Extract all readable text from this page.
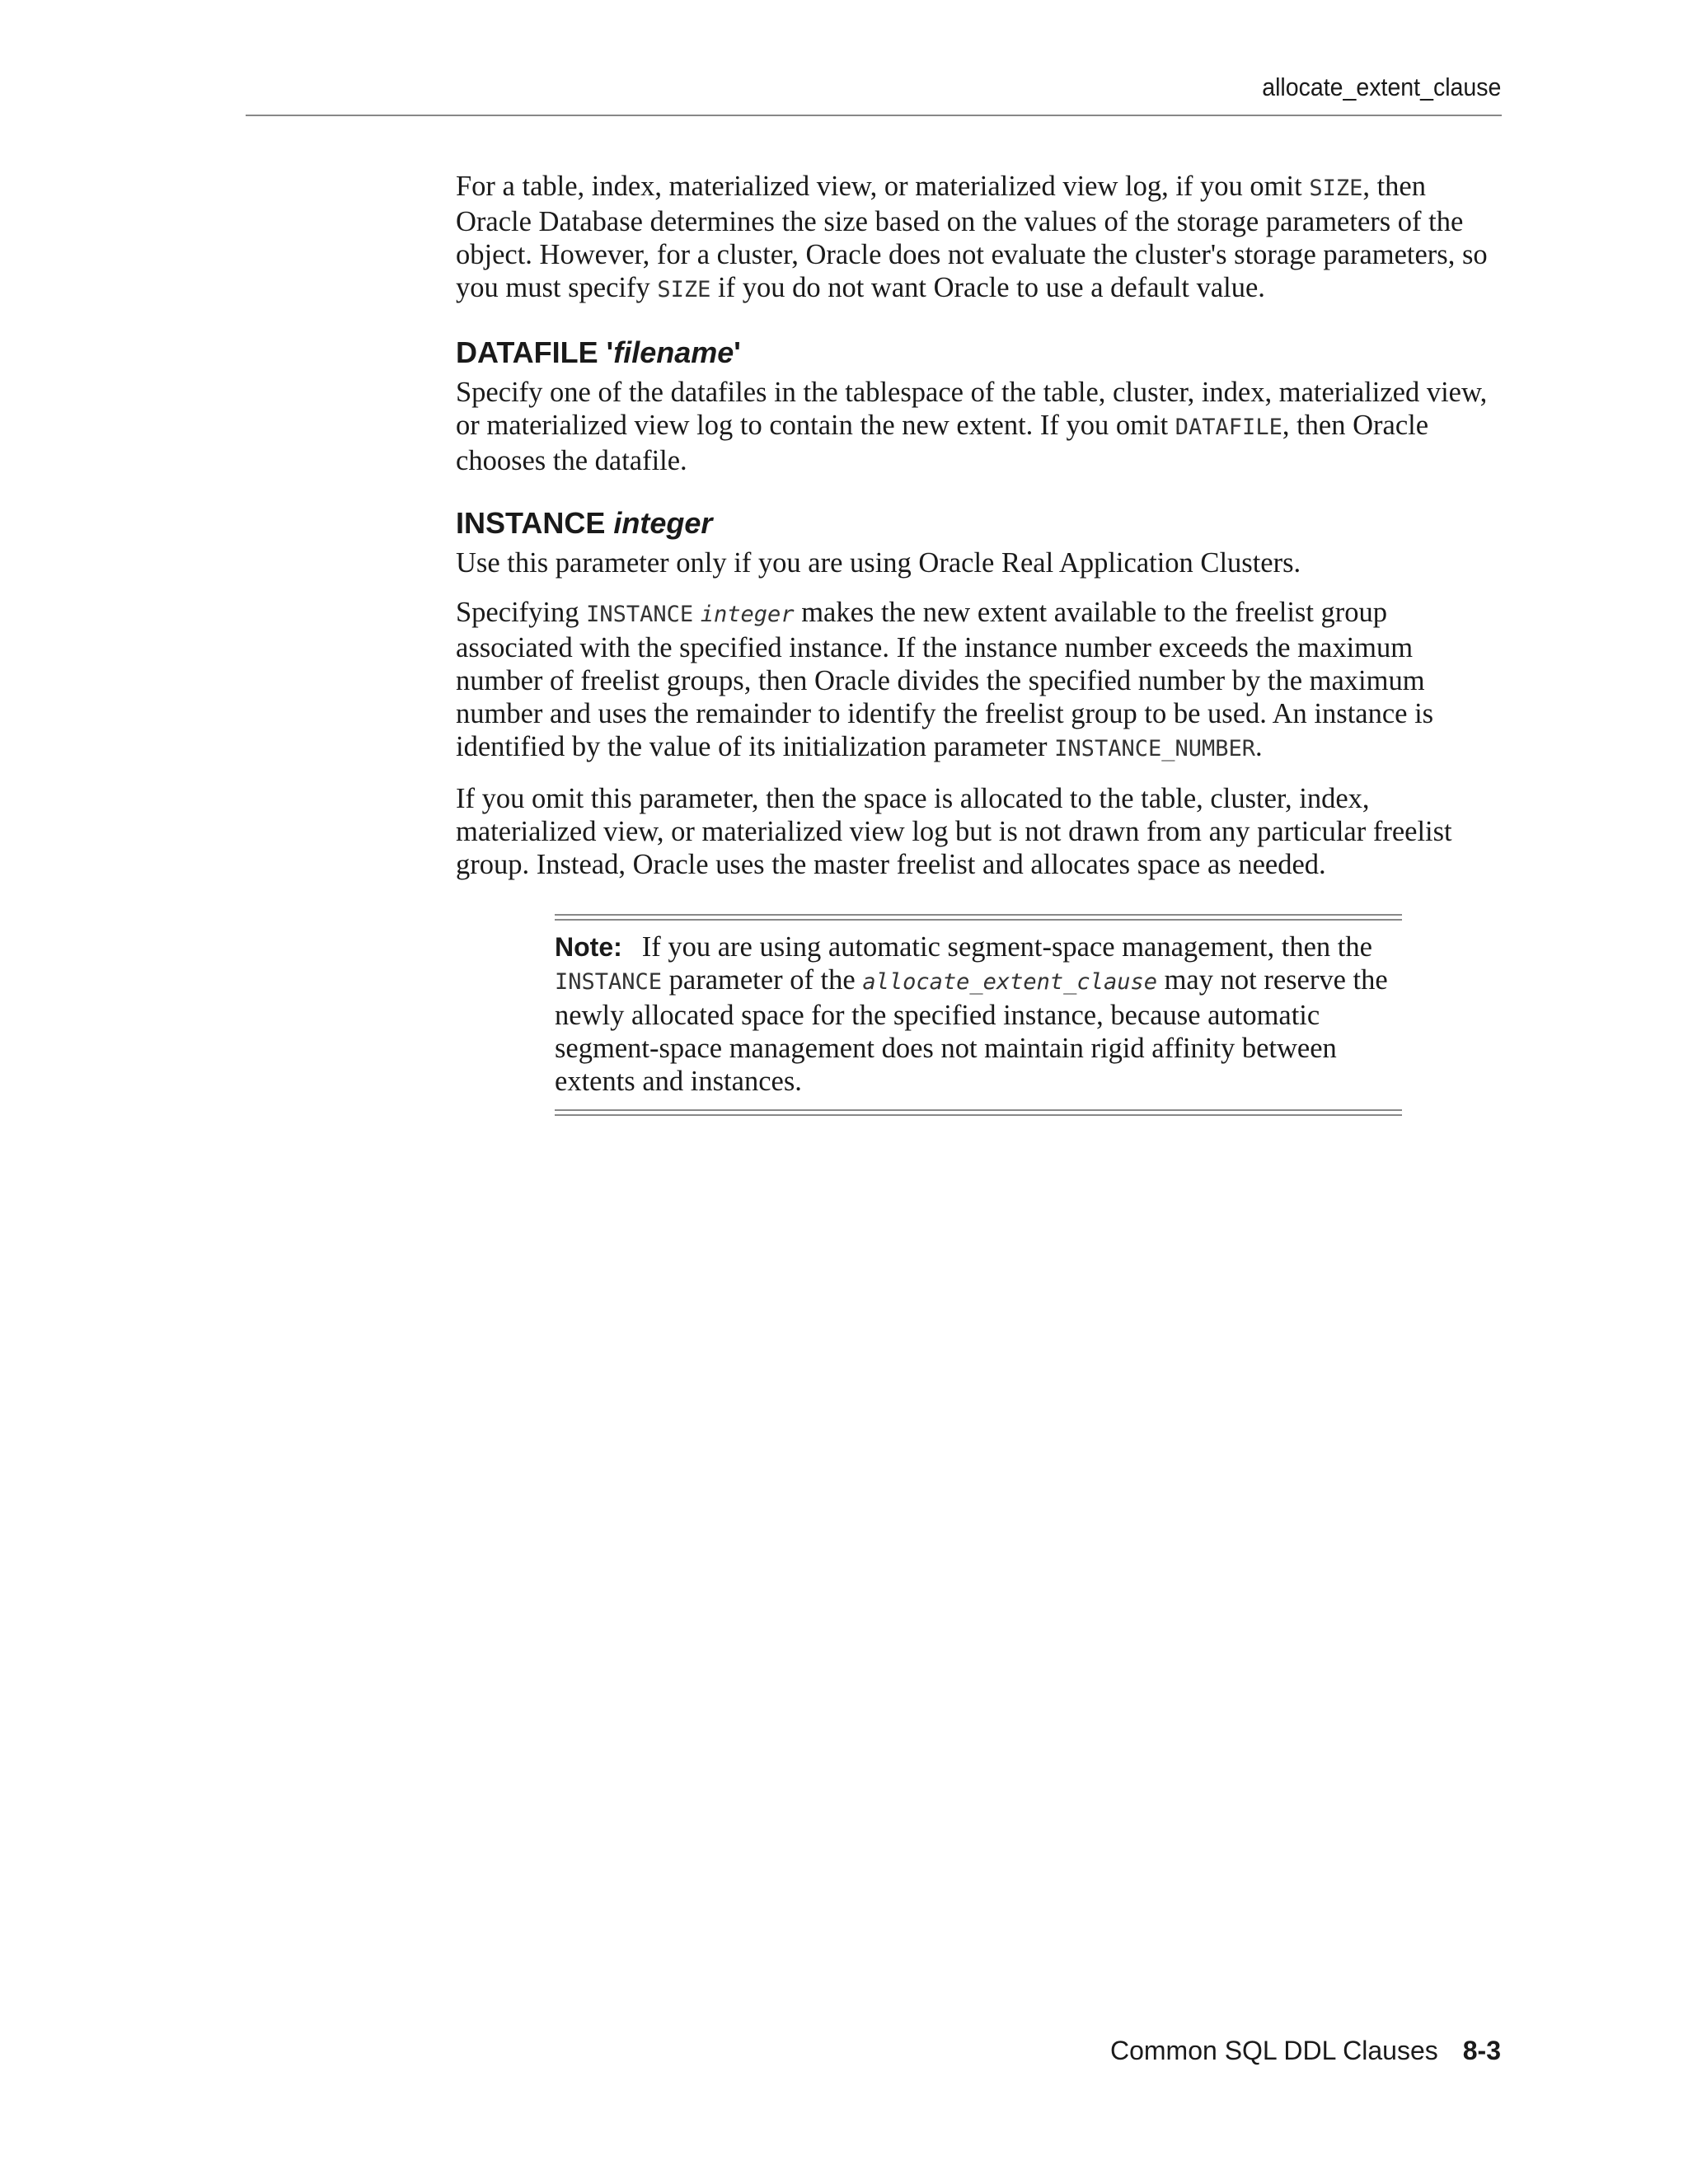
allocate_extent_clause

For a table, index, materialized view, or materialized view log, if you omit SIZE, then Oracle Database determines the size based on the values of the storage parameters of the object. However, for a cluster, Oracle does not evaluate the cluster's storage parameters, so you must specify SIZE if you do not want Oracle to use a default value.

DATAFILE 'filename'

Specify one of the datafiles in the tablespace of the table, cluster, index, materialized view, or materialized view log to contain the new extent. If you omit DATAFILE, then Oracle chooses the datafile.

INSTANCE integer

Use this parameter only if you are using Oracle Real Application Clusters.

Specifying INSTANCE integer makes the new extent available to the freelist group associated with the specified instance. If the instance number exceeds the maximum number of freelist groups, then Oracle divides the specified number by the maximum number and uses the remainder to identify the freelist group to be used. An instance is identified by the value of its initialization parameter INSTANCE_NUMBER.

If you omit this parameter, then the space is allocated to the table, cluster, index, materialized view, or materialized view log but is not drawn from any particular freelist group. Instead, Oracle uses the master freelist and allocates space as needed.

Note: If you are using automatic segment-space management, then the INSTANCE parameter of the allocate_extent_clause may not reserve the newly allocated space for the specified instance, because automatic segment-space management does not maintain rigid affinity between extents and instances.
Common SQL DDL Clauses 8-3
